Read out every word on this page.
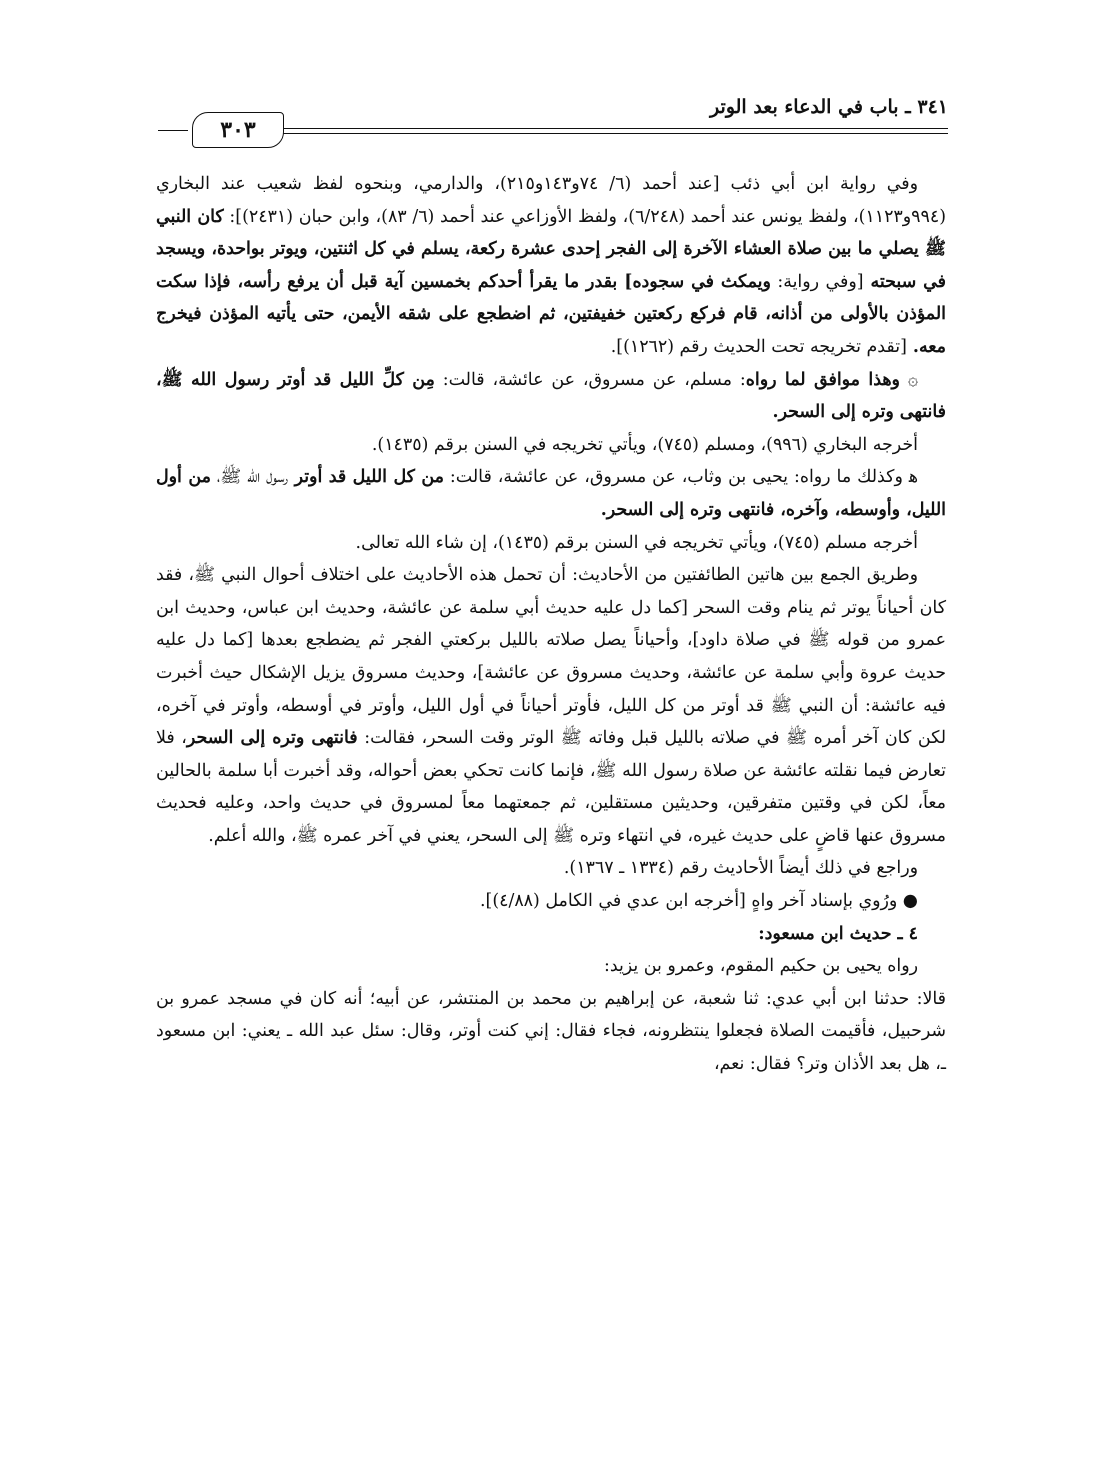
٣٤١ ـ باب في الدعاء بعد الوتر
٣٠٣

وفي رواية ابن أبي ذئب [عند أحمد (٦/ ٧٤و١٤٣و٢١٥)، والدارمي، وبنحوه لفظ شعيب عند البخاري (٩٩٤و١١٢٣)، ولفظ يونس عند أحمد (٦/٢٤٨)، ولفظ الأوزاعي عند أحمد (٦/ ٨٣)، وابن حبان (٢٤٣١)]: كان النبي ﷺ يصلي ما بين صلاة العشاء الآخرة إلى الفجر إحدى عشرة ركعة، يسلم في كل اثنتين، ويوتر بواحدة، ويسجد في سبحته [وفي رواية: ويمكث في سجوده] بقدر ما يقرأ أحدكم بخمسين آية قبل أن يرفع رأسه، فإذا سكت المؤذن بالأولى من أذانه، قام فركع ركعتين خفيفتين، ثم اضطجع على شقه الأيمن، حتى يأتيه المؤذن فيخرج معه. [تقدم تخريجه تحت الحديث رقم (١٢٦٢)].

۞ وهذا موافق لما رواه: مسلم، عن مسروق، عن عائشة، قالت: مِن كلِّ الليل قد أوتر رسول الله ﷺ، فانتهى وتره إلى السحر.

أخرجه البخاري (٩٩٦)، ومسلم (٧٤٥)، ويأتي تخريجه في السنن برقم (١٤٣٥).

ﻫ وكذلك ما رواه: يحيى بن وثاب، عن مسروق، عن عائشة، قالت: من كل الليل قد أوتر رسول الله ﷺ، من أول الليل، وأوسطه، وآخره، فانتهى وتره إلى السحر.

أخرجه مسلم (٧٤٥)، ويأتي تخريجه في السنن برقم (١٤٣٥)، إن شاء الله تعالى.

وطريق الجمع بين هاتين الطائفتين من الأحاديث: أن تحمل هذه الأحاديث على اختلاف أحوال النبي ﷺ، فقد كان أحياناً يوتر ثم ينام وقت السحر [كما دل عليه حديث أبي سلمة عن عائشة، وحديث ابن عباس، وحديث ابن عمرو من قوله ﷺ في صلاة داود]، وأحياناً يصل صلاته بالليل بركعتي الفجر ثم يضطجع بعدها [كما دل عليه حديث عروة وأبي سلمة عن عائشة، وحديث مسروق عن عائشة]، وحديث مسروق يزيل الإشكال حيث أخبرت فيه عائشة: أن النبي ﷺ قد أوتر من كل الليل، فأوتر أحياناً في أول الليل، وأوتر في أوسطه، وأوتر في آخره، لكن كان آخر أمره ﷺ في صلاته بالليل قبل وفاته ﷺ الوتر وقت السحر، فقالت: فانتهى وتره إلى السحر، فلا تعارض فيما نقلته عائشة عن صلاة رسول الله ﷺ، فإنما كانت تحكي بعض أحواله، وقد أخبرت أبا سلمة بالحالين معاً، لكن في وقتين متفرقين، وحديثين مستقلين، ثم جمعتهما معاً لمسروق في حديث واحد، وعليه فحديث مسروق عنها قاضٍ على حديث غيره، في انتهاء وتره ﷺ إلى السحر، يعني في آخر عمره ﷺ، والله أعلم.

وراجع في ذلك أيضاً الأحاديث رقم (١٣٣٤ ـ ١٣٦٧).

● ورُوي بإسناد آخر واهٍ [أخرجه ابن عدي في الكامل (٤/٨٨)].

٤ ـ حديث ابن مسعود:

رواه يحيى بن حكيم المقوم، وعمرو بن يزيد:

قالا: حدثنا ابن أبي عدي: ثنا شعبة، عن إبراهيم بن محمد بن المنتشر، عن أبيه؛ أنه كان في مسجد عمرو بن شرحبيل، فأقيمت الصلاة فجعلوا ينتظرونه، فجاء فقال: إني كنت أوتر، وقال: سئل عبد الله ـ يعني: ابن مسعود ـ، هل بعد الأذان وتر؟ فقال: نعم،
